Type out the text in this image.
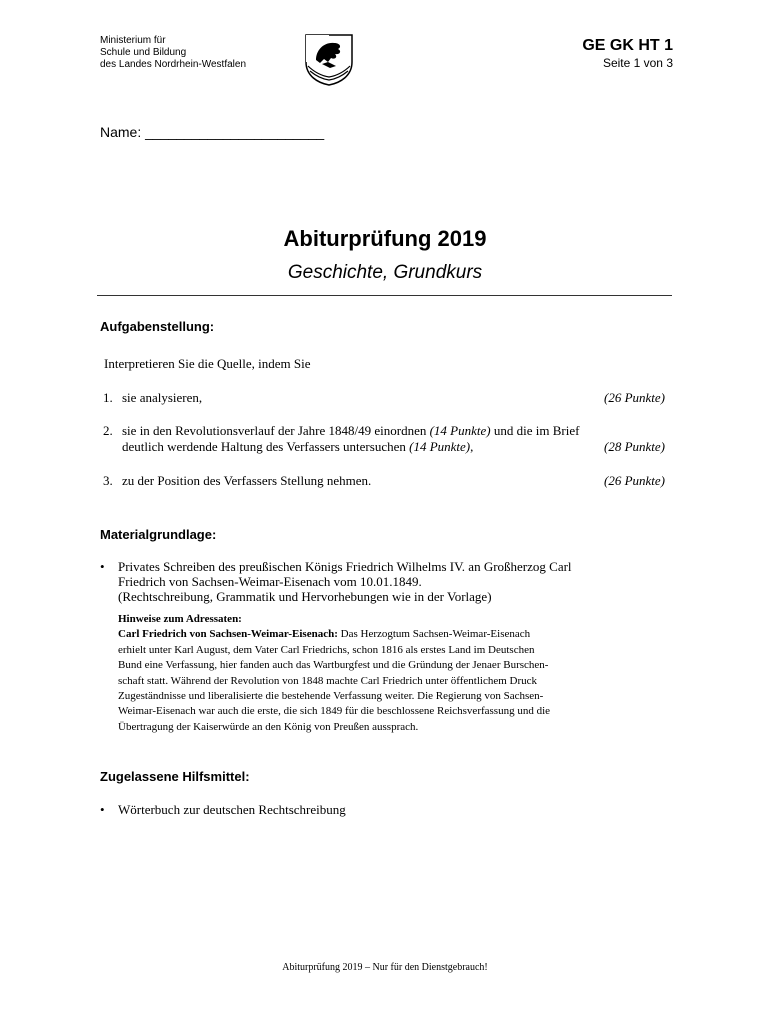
Ministerium für
Schule und Bildung
des Landes Nordrhein-Westfalen
GE GK HT 1
Seite 1 von 3
Name: _______________________
Abiturprüfung 2019
Geschichte, Grundkurs
Aufgabenstellung:
Interpretieren Sie die Quelle, indem Sie
1. sie analysieren,	(26 Punkte)
2. sie in den Revolutionsverlauf der Jahre 1848/49 einordnen (14 Punkte) und die im Brief
deutlich werdende Haltung des Verfassers untersuchen (14 Punkte),	(28 Punkte)
3. zu der Position des Verfassers Stellung nehmen.	(26 Punkte)
Materialgrundlage:
• Privates Schreiben des preußischen Königs Friedrich Wilhelms IV. an Großherzog Carl
Friedrich von Sachsen-Weimar-Eisenach vom 10.01.1849.
(Rechtschreibung, Grammatik und Hervorhebungen wie in der Vorlage)
Hinweise zum Adressaten:
Carl Friedrich von Sachsen-Weimar-Eisenach: Das Herzogtum Sachsen-Weimar-Eisenach
erhielt unter Karl August, dem Vater Carl Friedrichs, schon 1816 als erstes Land im Deutschen
Bund eine Verfassung, hier fanden auch das Wartburgfest und die Gründung der Jenaer Burschen-
schaft statt. Während der Revolution von 1848 machte Carl Friedrich unter öffentlichem Druck
Zugeständnisse und liberalisierte die bestehende Verfassung weiter. Die Regierung von Sachsen-
Weimar-Eisenach war auch die erste, die sich 1849 für die beschlossene Reichsverfassung und die
Übertragung der Kaiserwürde an den König von Preußen aussprach.
Zugelassene Hilfsmittel:
• Wörterbuch zur deutschen Rechtschreibung
Abiturprüfung 2019 – Nur für den Dienstgebrauch!
